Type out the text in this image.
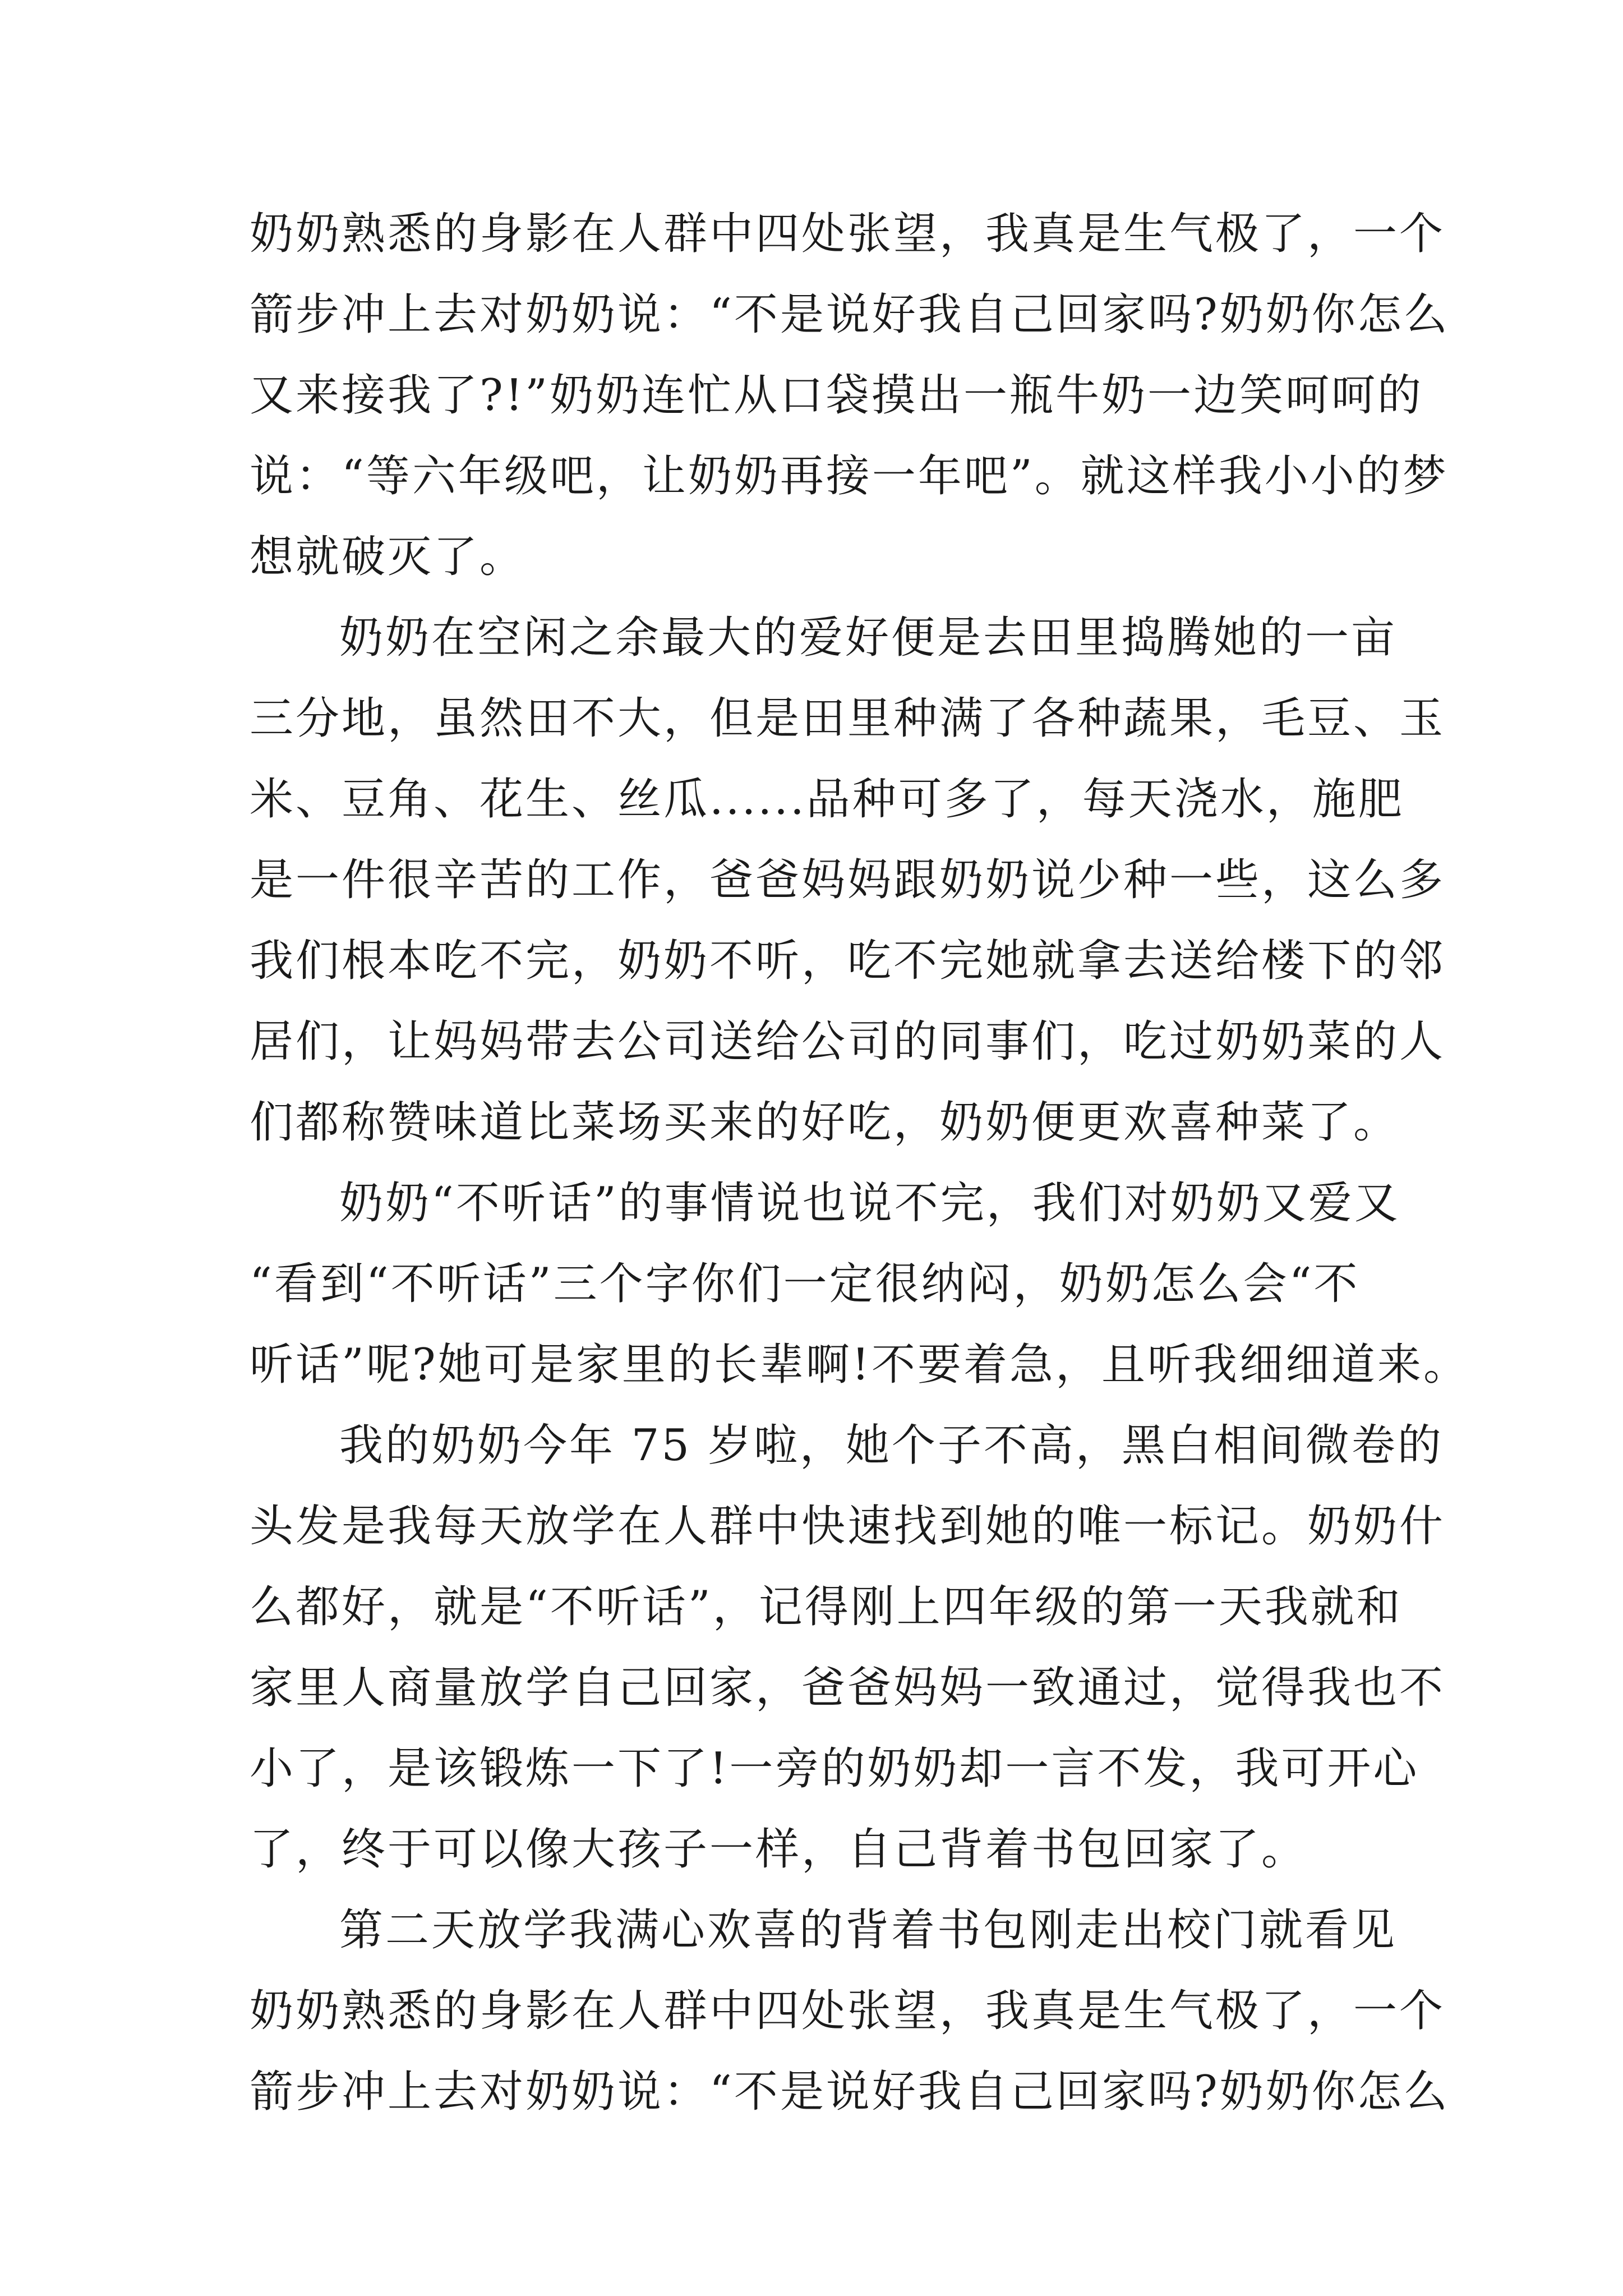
奶奶熟悉的身影在人群中四处张望，我真是生气极了，一个
箭步冲上去对奶奶说：“不是说好我自己回家吗?奶奶你怎么
又来接我了?!”奶奶连忙从口袋摸出一瓶牛奶一边笑呵呵的
说：“等六年级吧，让奶奶再接一年吧”。就这样我小小的梦
想就破灭了。
奶奶在空闲之余最大的爱好便是去田里捣腾她的一亩
三分地，虽然田不大，但是田里种满了各种蔬果，毛豆、玉
米、豆角、花生、丝瓜......品种可多了，每天浇水，施肥
是一件很辛苦的工作，爸爸妈妈跟奶奶说少种一些，这么多
我们根本吃不完，奶奶不听，吃不完她就拿去送给楼下的邻
居们，让妈妈带去公司送给公司的同事们，吃过奶奶菜的人
们都称赞味道比菜场买来的好吃，奶奶便更欢喜种菜了。
奶奶“不听话”的事情说也说不完，我们对奶奶又爱又
“看到“不听话”三个字你们一定很纳闷，奶奶怎么会“不
听话”呢?她可是家里的长辈啊!不要着急，且听我细细道来。
我的奶奶今年 75 岁啦，她个子不高，黑白相间微卷的
头发是我每天放学在人群中快速找到她的唯一标记。奶奶什
么都好，就是“不听话”，记得刚上四年级的第一天我就和
家里人商量放学自己回家，爸爸妈妈一致通过，觉得我也不
小了，是该锻炼一下了!一旁的奶奶却一言不发，我可开心
了，终于可以像大孩子一样，自己背着书包回家了。
第二天放学我满心欢喜的背着书包刚走出校门就看见
奶奶熟悉的身影在人群中四处张望，我真是生气极了，一个
箭步冲上去对奶奶说：“不是说好我自己回家吗?奶奶你怎么
